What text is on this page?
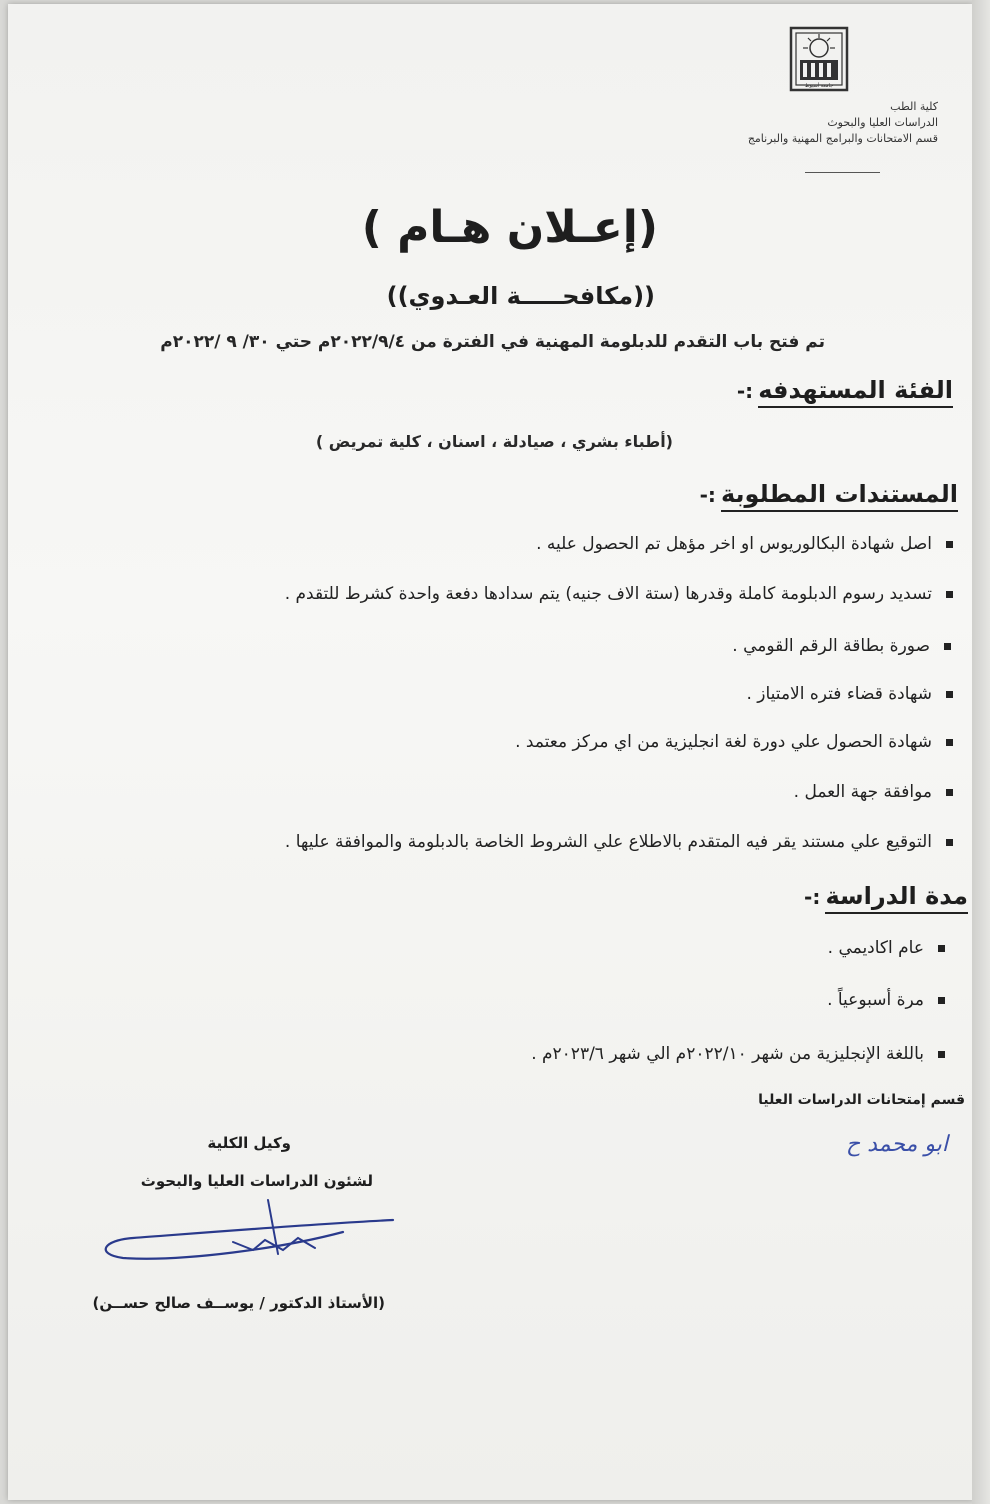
جامعة أسيوط
كلية الطب
الدراسات العليا والبحوث
قسم الامتحانات والبرامج المهنية والبرنامج
(إعـلان هـام )
((مكافحـــــة العـدوي))
تم فتح باب التقدم للدبلومة المهنية في الفترة من ٢٠٢٢/٩/٤م حتي ٣٠/ ٩ /٢٠٢٢م
الفئة المستهدفه :-
(أطباء بشري ، صيادلة ، اسنان ، كلية تمريض )
المستندات المطلوبة :-
اصل شهادة البكالوريوس او اخر مؤهل تم الحصول عليه .
تسديد رسوم الدبلومة كاملة وقدرها (ستة الاف جنيه) يتم سدادها دفعة واحدة كشرط للتقدم .
صورة بطاقة الرقم القومي .
شهادة قضاء فتره الامتياز .
شهادة الحصول علي دورة لغة انجليزية من اي مركز معتمد .
موافقة جهة العمل .
التوقيع علي مستند يقر فيه المتقدم بالاطلاع علي الشروط الخاصة بالدبلومة والموافقة عليها .
مدة الدراسة :-
عام اكاديمي .
مرة أسبوعياً .
باللغة الإنجليزية من شهر ٢٠٢٢/١٠م الي شهر ٢٠٢٣/٦م .
قسم إمتحانات الدراسات العليا
ابو محمد ح
وكيل الكلية
لشئون الدراسات العليا والبحوث
(الأستاذ الدكتور / يوســف صالح حســن)
